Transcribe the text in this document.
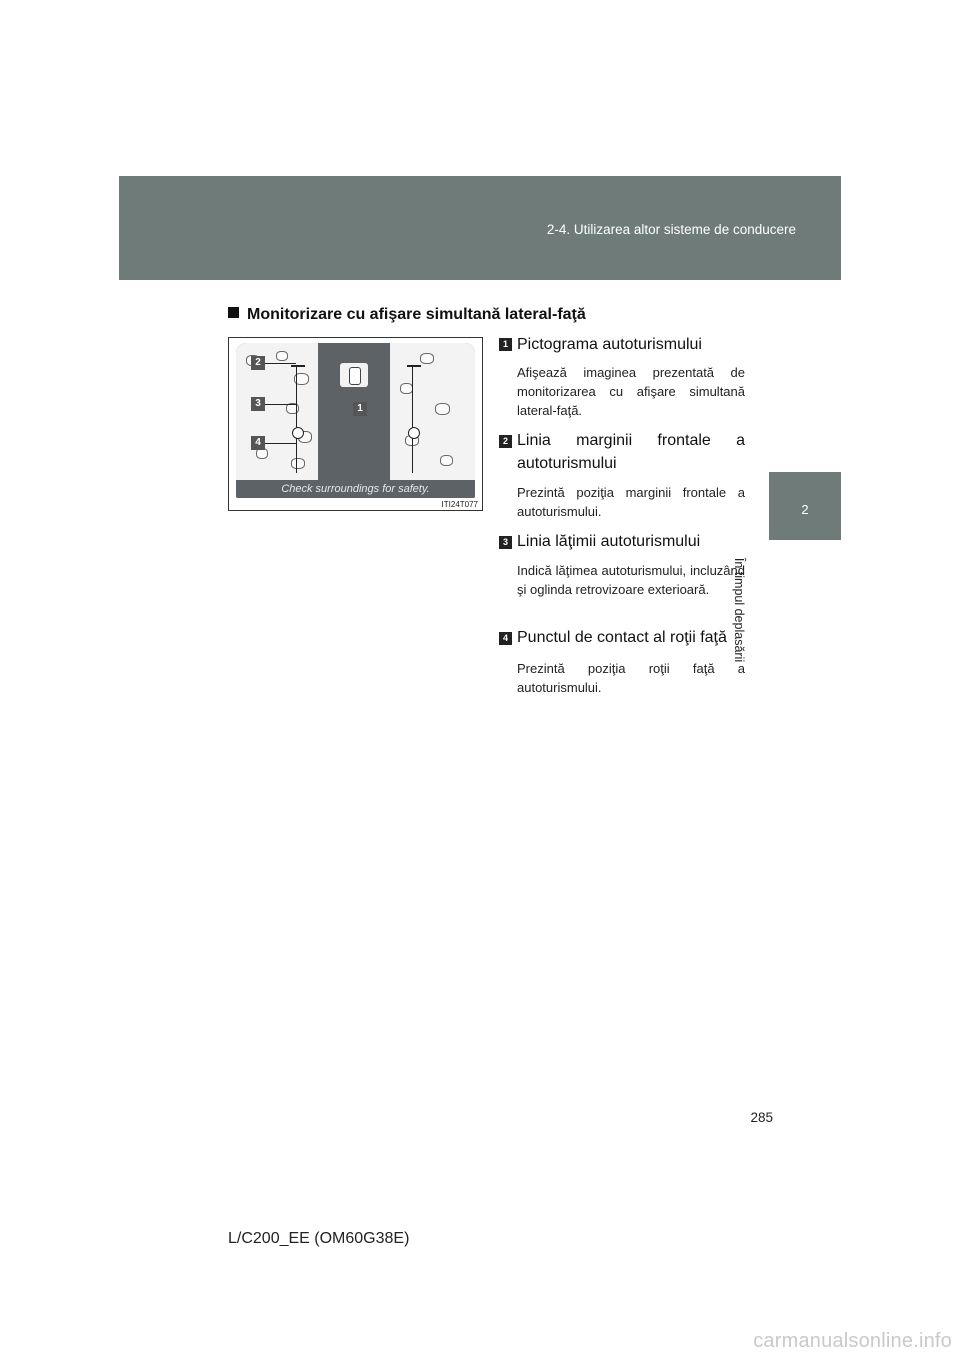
2-4. Utilizarea altor sisteme de conducere
2
În timpul deplasării
Monitorizare cu afişare simultană lateral-faţă
Check surroundings for safety.
2
3
4
1
ITI24T077
1 Pictograma autoturismului
Afişează imaginea prezentată de monitorizarea cu afişare simultană lateral-faţă.
2 Linia marginii frontale a autoturismului
Prezintă poziţia marginii frontale a autoturismului.
3 Linia lăţimii autoturismului
Indică lăţimea autoturismului, incluzând şi oglinda retrovizoare exterioară.
4 Punctul de contact al roţii faţă
Prezintă poziţia roţii faţă a autoturismului.
285
L/C200_EE (OM60G38E)
carmanualsonline.info
